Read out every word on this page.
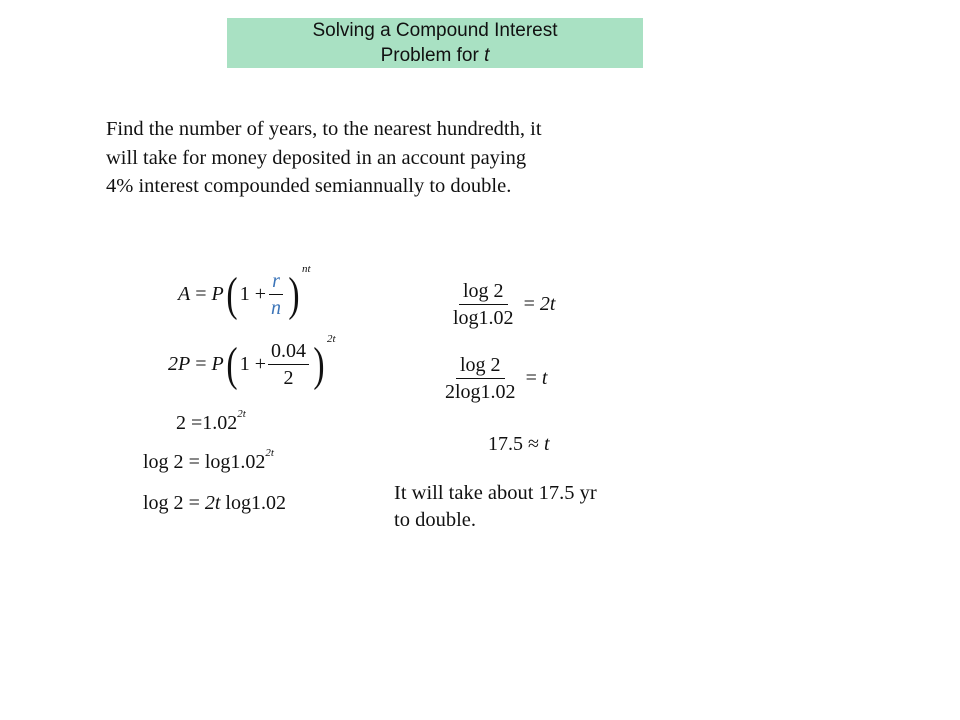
Solving a Compound Interest
Problem for t
Find the number of years, to the nearest hundredth, it
will take for money deposited in an account paying
4% interest compounded semiannually to double.
A
=
P ( $1 + \frac{r}{n}$ ) nt
2P
=
P ( $1 + \frac{0.04}{2}$ ) 2t
$2 =1.02^{2t}$
$\log 2 = \log 1.02^{2t}$
log 2 = 2t log1.02
$\frac{\log 2}{\log 1.02}$
=
2t
$\frac{\log 2}{2\log 1.02}$
=
t
17.5 ≈ t
It will take about 17.5 yr
to double.
